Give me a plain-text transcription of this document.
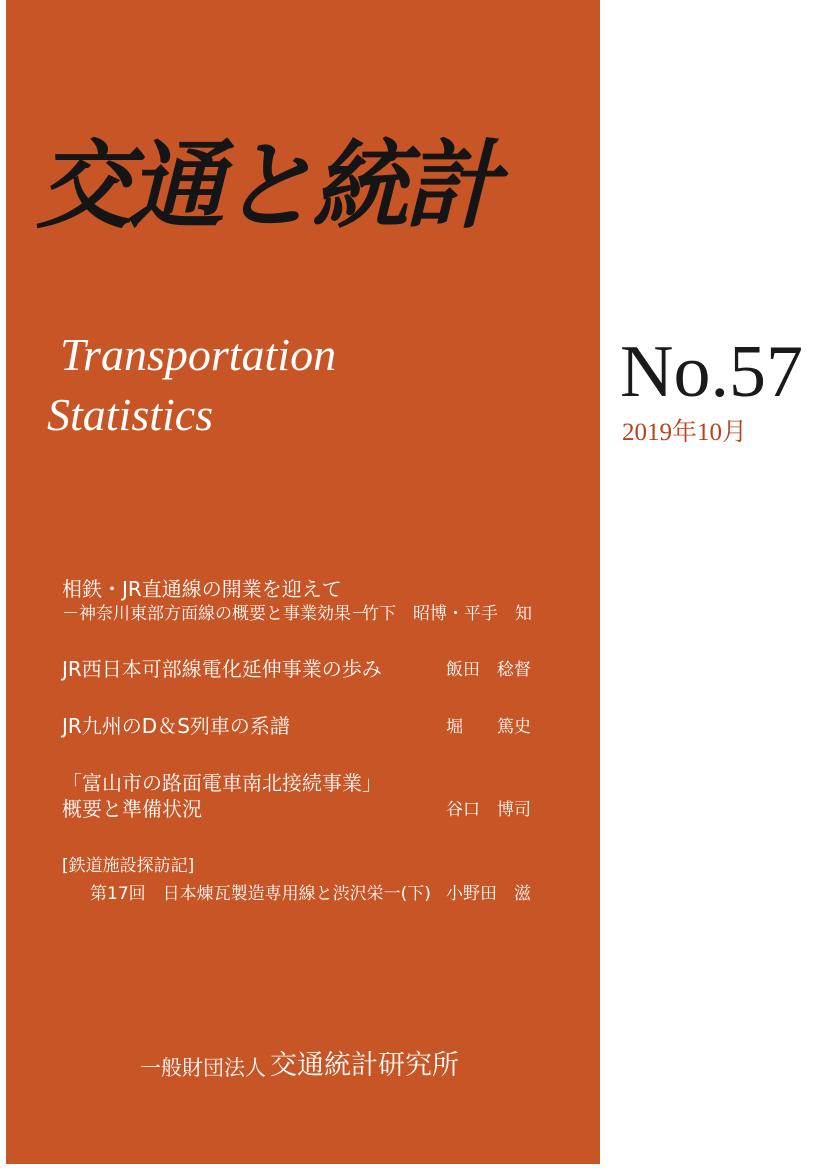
交通と統計
Transportation
Statistics
No.57
2019年10月
相鉄・JR直通線の開業を迎えて
－神奈川東部方面線の概要と事業効果－
竹下　昭博・平手　知
JR西日本可部線電化延伸事業の歩み	飯田　稔督
JR九州のD＆S列車の系譜	堀　　篤史
「富山市の路面電車南北接続事業」
概要と準備状況	谷口　博司
[鉄道施設探訪記]
第17回　日本煉瓦製造専用線と渋沢栄一(下) 小野田　滋
一般財団法人 交通統計研究所
